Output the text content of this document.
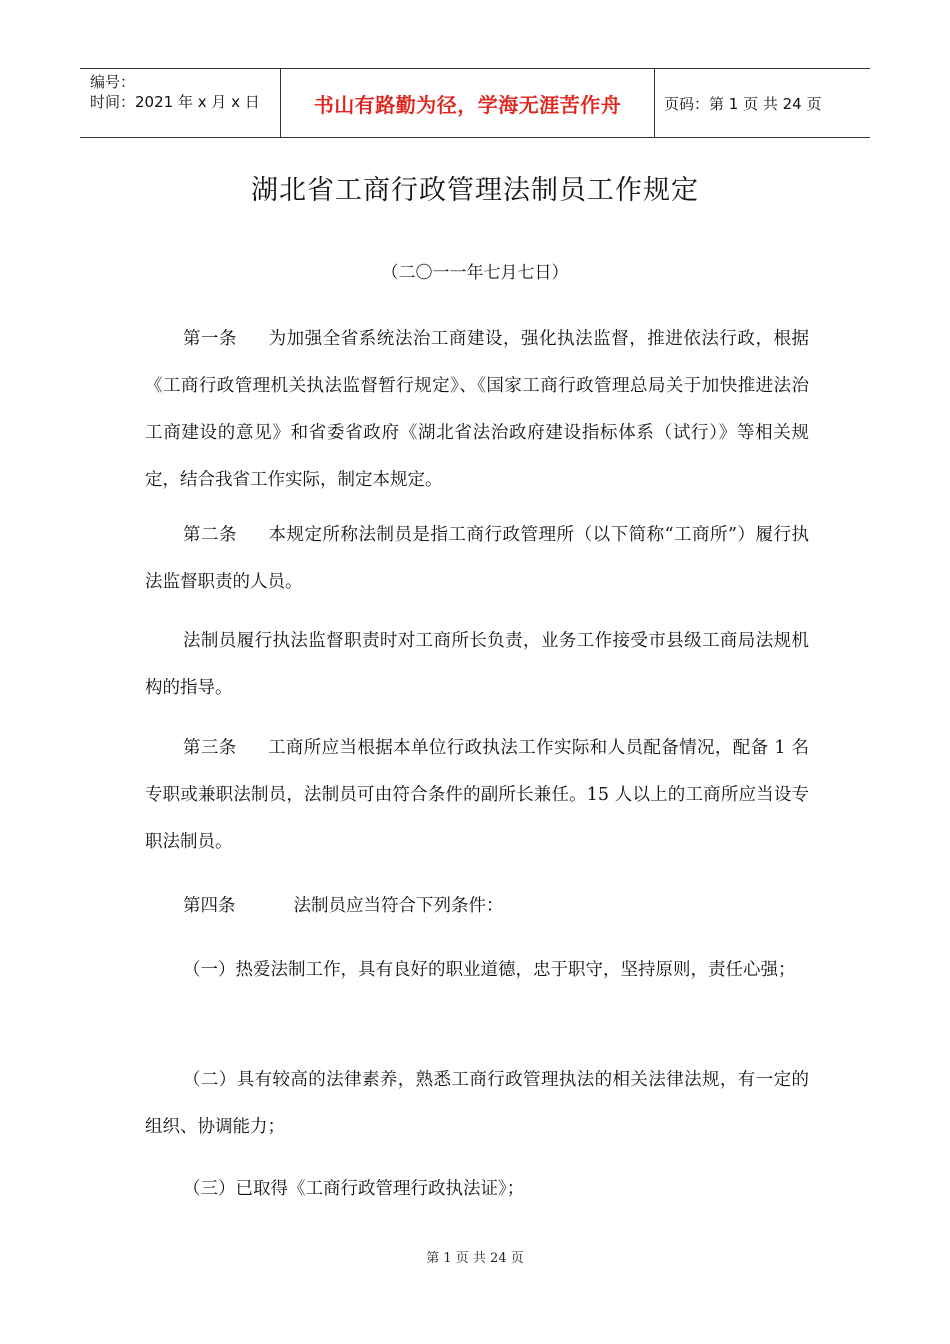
编号：
时间：2021 年 x 月 x 日	书山有路勤为径，学海无涯苦作舟	页码：第 1 页 共 24 页
湖北省工商行政管理法制员工作规定
（二〇一一年七月七日）

第一条 为加强全省系统法治工商建设，强化执法监督，推进依法行政，根据《工商行政管理机关执法监督暂行规定》、《国家工商行政管理总局关于加快推进法治工商建设的意见》和省委省政府《湖北省法治政府建设指标体系（试行）》等相关规定，结合我省工作实际，制定本规定。

第二条 本规定所称法制员是指工商行政管理所（以下简称“工商所”）履行执法监督职责的人员。

法制员履行执法监督职责时对工商所长负责，业务工作接受市县级工商局法规机构的指导。

第三条 工商所应当根据本单位行政执法工作实际和人员配备情况，配备 1 名专职或兼职法制员，法制员可由符合条件的副所长兼任。15 人以上的工商所应当设专职法制员。

第四条	法制员应当符合下列条件：

（一）热爱法制工作，具有良好的职业道德，忠于职守，坚持原则，责任心强；

（二）具有较高的法律素养，熟悉工商行政管理执法的相关法律法规，有一定的组织、协调能力；

（三）已取得《工商行政管理行政执法证》；

第 1 页 共 24 页
